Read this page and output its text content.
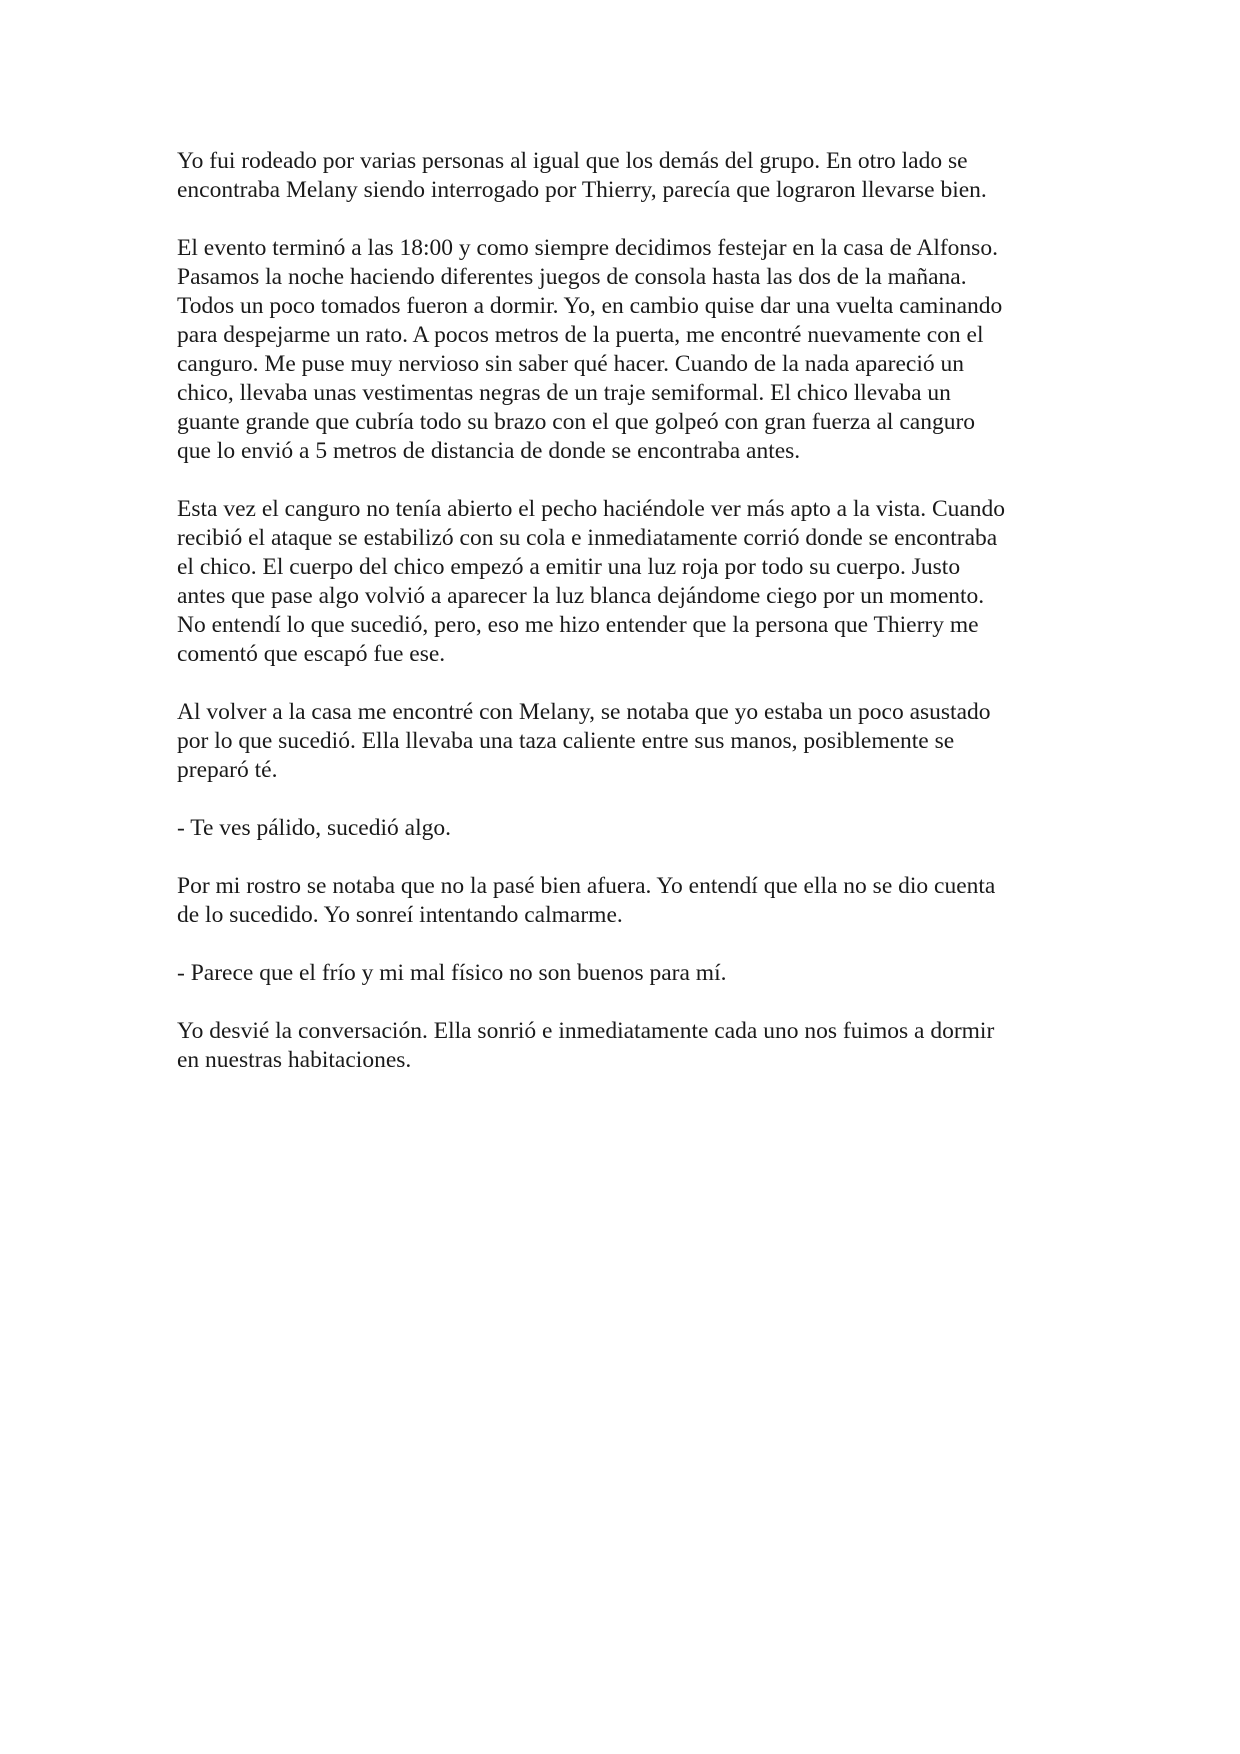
Yo fui rodeado por varias personas al igual que los demás del grupo. En otro lado se
encontraba Melany siendo interrogado por Thierry, parecía que lograron llevarse bien.

El evento terminó a las 18:00 y como siempre decidimos festejar en la casa de Alfonso.
Pasamos la noche haciendo diferentes juegos de consola hasta las dos de la mañana.
Todos un poco tomados fueron a dormir. Yo, en cambio quise dar una vuelta caminando
para despejarme un rato. A pocos metros de la puerta, me encontré nuevamente con el
canguro. Me puse muy nervioso sin saber qué hacer. Cuando de la nada apareció un
chico, llevaba unas vestimentas negras de un traje semiformal. El chico llevaba un
guante grande que cubría todo su brazo con el que golpeó con gran fuerza al canguro
que lo envió a 5 metros de distancia de donde se encontraba antes.

Esta vez el canguro no tenía abierto el pecho haciéndole ver más apto a la vista. Cuando
recibió el ataque se estabilizó con su cola e inmediatamente corrió donde se encontraba
el chico. El cuerpo del chico empezó a emitir una luz roja por todo su cuerpo. Justo
antes que pase algo volvió a aparecer la luz blanca dejándome ciego por un momento.
No entendí lo que sucedió, pero, eso me hizo entender que la persona que Thierry me
comentó que escapó fue ese.

Al volver a la casa me encontré con Melany, se notaba que yo estaba un poco asustado
por lo que sucedió. Ella llevaba una taza caliente entre sus manos, posiblemente se
preparó té.

- Te ves pálido, sucedió algo.

Por mi rostro se notaba que no la pasé bien afuera. Yo entendí que ella no se dio cuenta
de lo sucedido. Yo sonreí intentando calmarme.

- Parece que el frío y mi mal físico no son buenos para mí.

Yo desvié la conversación. Ella sonrió e inmediatamente cada uno nos fuimos a dormir
en nuestras habitaciones.
